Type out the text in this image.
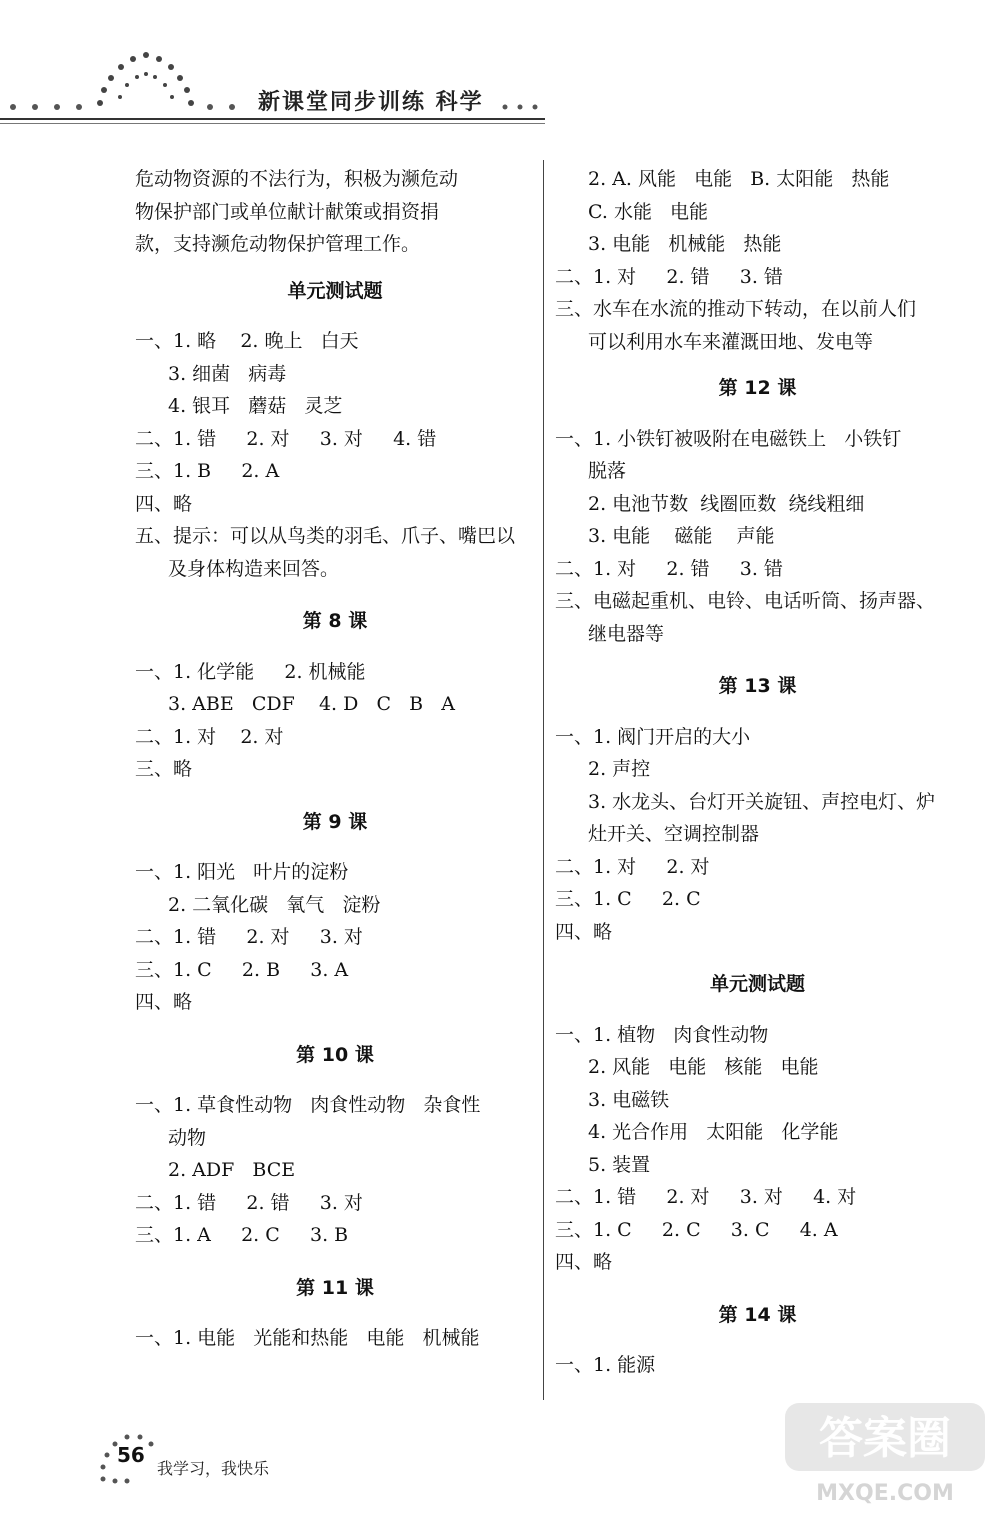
新课堂同步训练 科学
危动物资源的不法行为，积极为濒危动
物保护部门或单位献计献策或捐资捐
款，支持濒危动物保护管理工作。
单元测试题
一、1. 略    2. 晚上   白天
3. 细菌   病毒
4. 银耳   蘑菇   灵芝
二、1. 错     2. 对     3. 对     4. 错
三、1. B     2. A
四、略
五、提示：可以从鸟类的羽毛、爪子、嘴巴以
及身体构造来回答。
第 8 课
一、1. 化学能     2. 机械能
3. ABE   CDF    4. D   C   B   A
二、1. 对    2. 对
三、略
第 9 课
一、1. 阳光   叶片的淀粉
2. 二氧化碳   氧气   淀粉
二、1. 错     2. 对     3. 对
三、1. C     2. B     3. A
四、略
第 10 课
一、1. 草食性动物   肉食性动物   杂食性
动物
2. ADF   BCE
二、1. 错     2. 错     3. 对
三、1. A     2. C     3. B
第 11 课
一、1. 电能   光能和热能   电能   机械能
2. A. 风能   电能   B. 太阳能   热能
C. 水能   电能
3. 电能   机械能   热能
二、1. 对     2. 错     3. 错
三、水车在水流的推动下转动，在以前人们
可以利用水车来灌溉田地、发电等
第 12 课
一、1. 小铁钉被吸附在电磁铁上   小铁钉
脱落
2. 电池节数  线圈匝数  绕线粗细
3. 电能    磁能    声能
二、1. 对     2. 错     3. 错
三、电磁起重机、电铃、电话听筒、扬声器、
继电器等
第 13 课
一、1. 阀门开启的大小
2. 声控
3. 水龙头、台灯开关旋钮、声控电灯、炉
灶开关、空调控制器
二、1. 对     2. 对
三、1. C     2. C
四、略
单元测试题
一、1. 植物   肉食性动物
2. 风能   电能   核能   电能
3. 电磁铁
4. 光合作用   太阳能   化学能
5. 装置
二、1. 错     2. 对     3. 对     4. 对
三、1. C     2. C     3. C     4. A
四、略
第 14 课
一、1. 能源
56
我学习，我快乐
答案圈
MXQE.COM
